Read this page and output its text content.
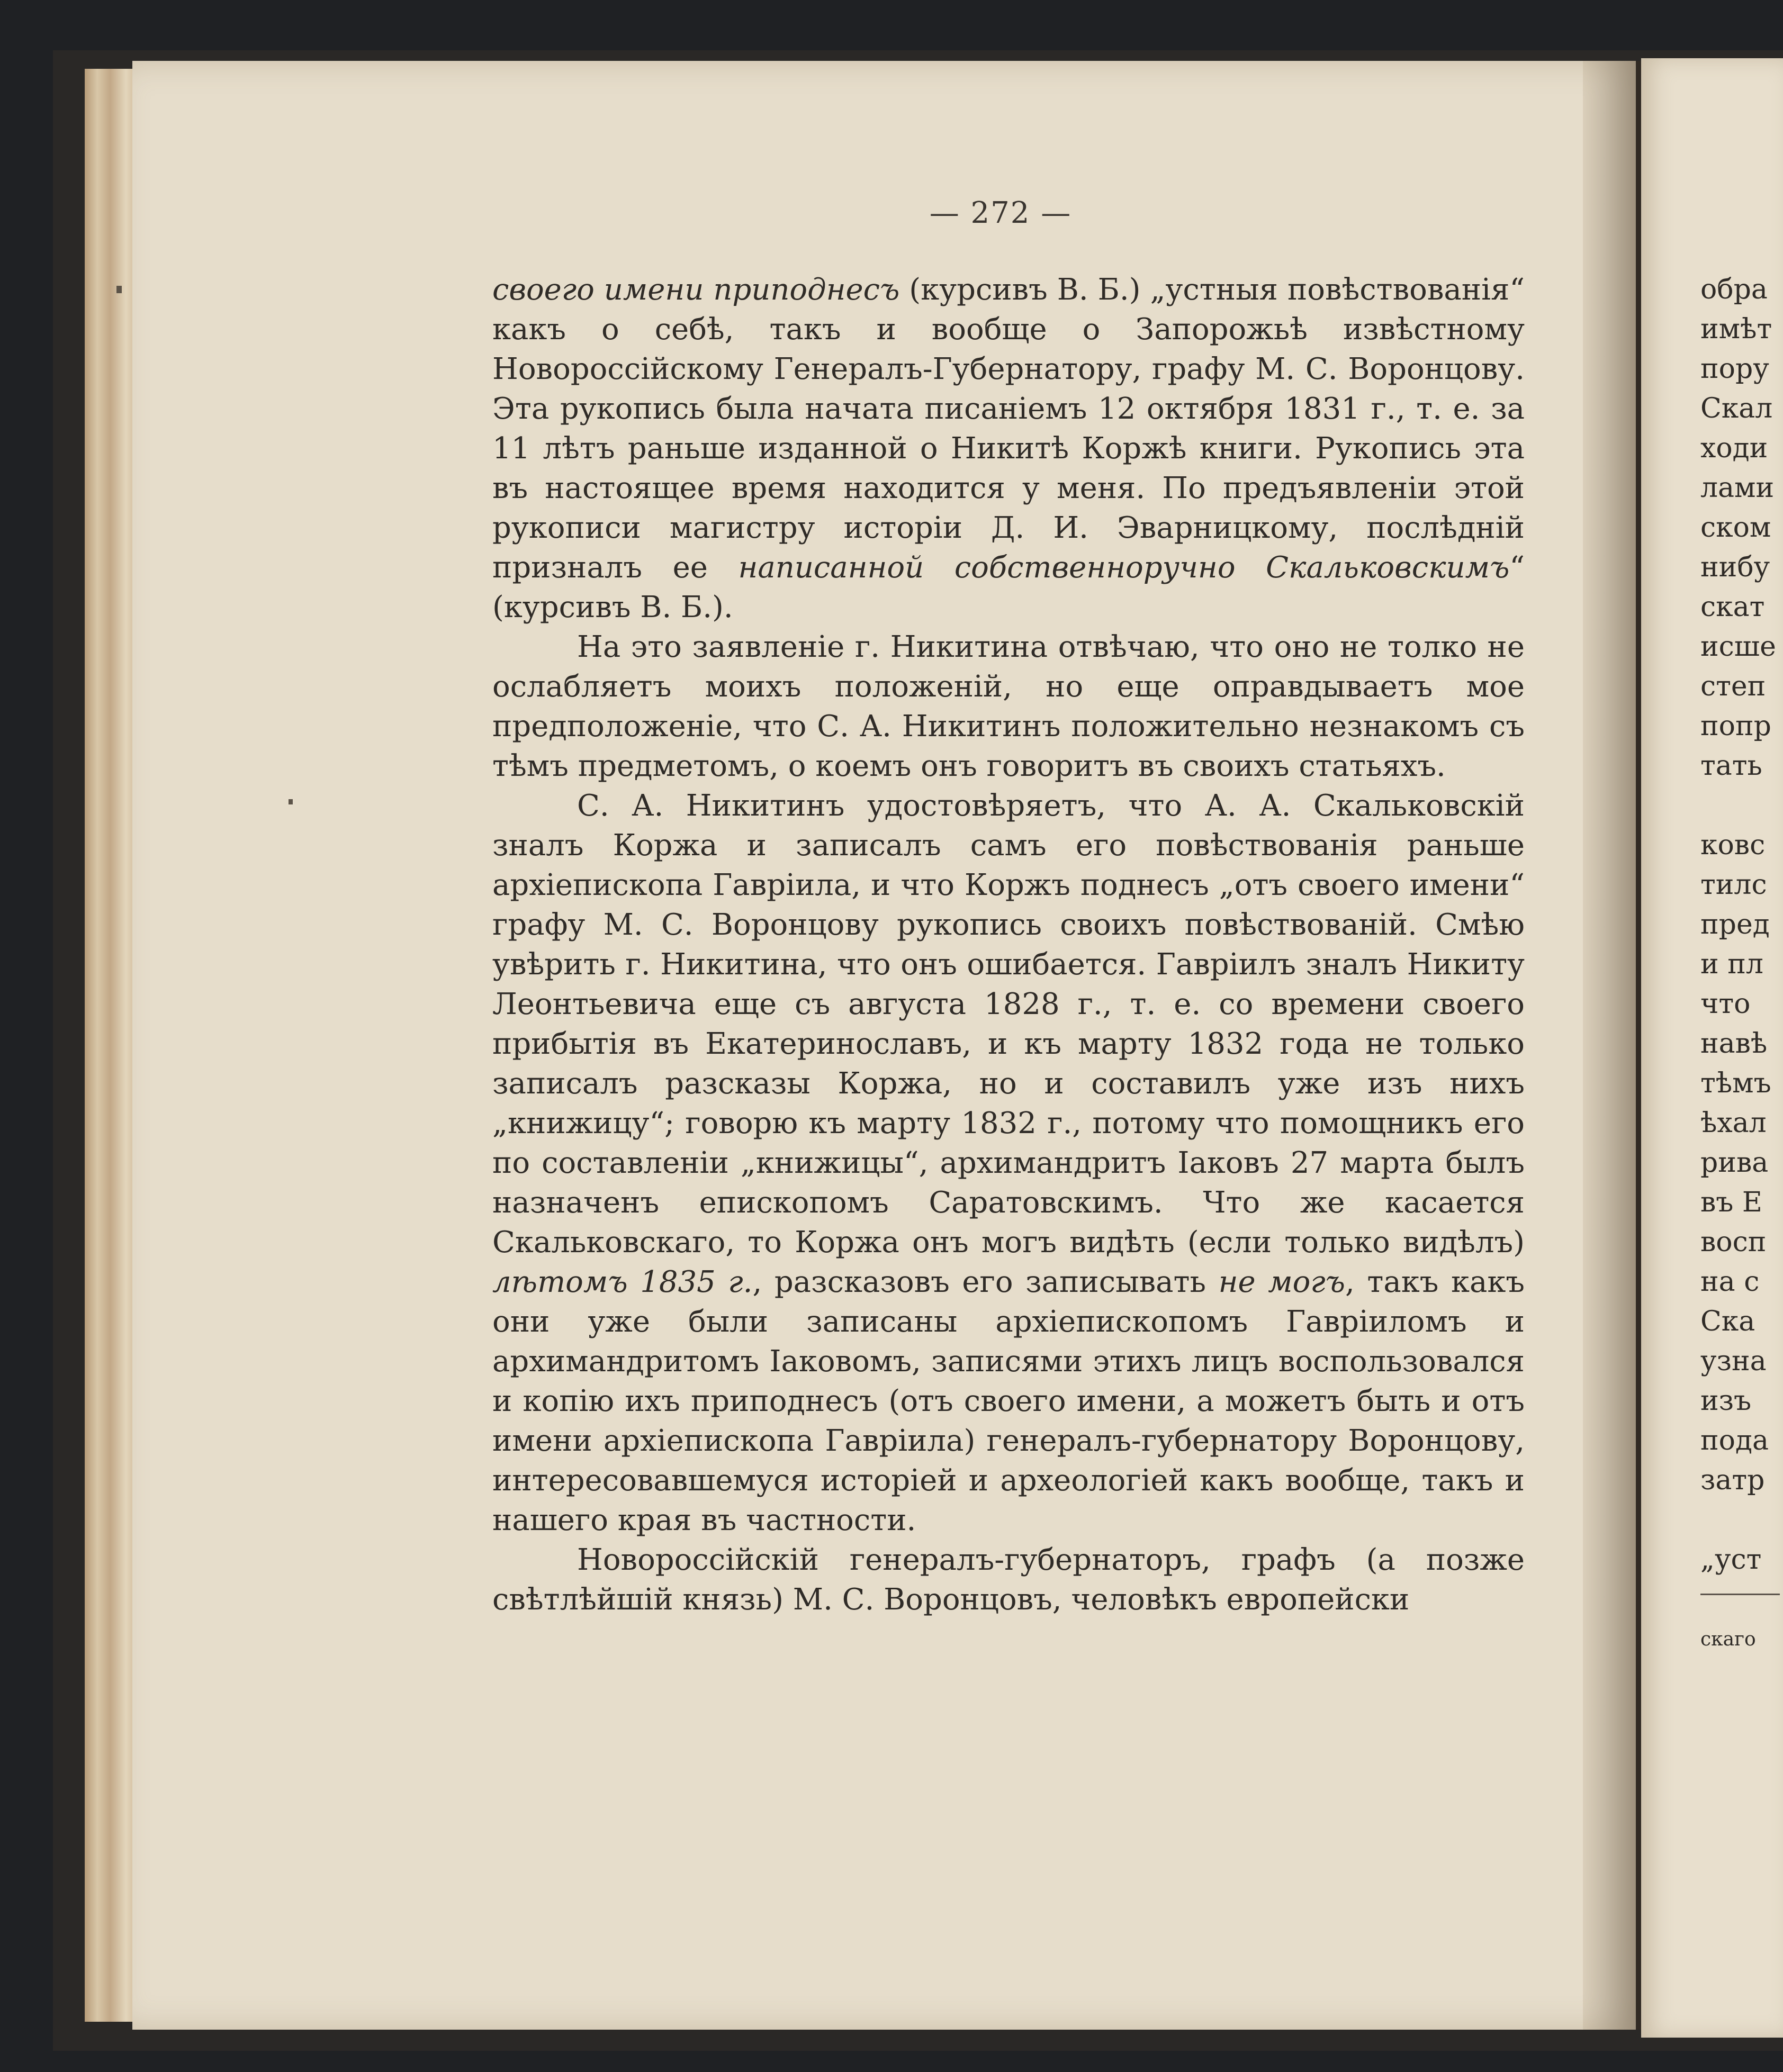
— 272 —

своего имени приподнесъ (курсивъ В. Б.) „устныя повѣствованія“ какъ о себѣ, такъ и вообще о Запорожьѣ извѣстному Новороссійскому Генералъ-Губернатору, графу М. С. Воронцову. Эта рукопись была начата писаніемъ 12 октября 1831 г., т. е. за 11 лѣтъ раньше изданной о Никитѣ Коржѣ книги. Рукопись эта въ настоящее время находится у меня. По предъявленіи этой рукописи магистру исторіи Д. И. Эварницкому, послѣдній призналъ ее написанной собственноручно Скальковскимъ“ (курсивъ В. Б.).

На это заявленіе г. Никитина отвѣчаю, что оно не толко не ослабляетъ моихъ положеній, но еще оправдываетъ мое предположеніе, что С. А. Никитинъ положительно незнакомъ съ тѣмъ предметомъ, о коемъ онъ говоритъ въ своихъ статьяхъ.

С. А. Никитинъ удостовѣряетъ, что А. А. Скальковскій зналъ Коржа и записалъ самъ его повѣствованія раньше архіепископа Гавріила, и что Коржъ поднесъ „отъ своего имени“ графу М. С. Воронцову рукопись своихъ повѣствованій. Смѣю увѣрить г. Никитина, что онъ ошибается. Гавріилъ зналъ Никиту Леонтьевича еще съ августа 1828 г., т. е. со времени своего прибытія въ Екатеринославъ, и къ марту 1832 года не только записалъ разсказы Коржа, но и составилъ уже изъ нихъ „книжицу“; говорю къ марту 1832 г., потому что помощникъ его по составленіи „книжицы“, архимандритъ Іаковъ 27 марта былъ назначенъ епископомъ Саратовскимъ. Что же касается Скальковскаго, то Коржа онъ могъ видѣть (если только видѣлъ) лѣтомъ 1835 г., разсказовъ его записывать не могъ, такъ какъ они уже были записаны архіепископомъ Гавріиломъ и архимандритомъ Іаковомъ, записями этихъ лицъ воспользовался и копію ихъ приподнесъ (отъ своего имени, а можетъ быть и отъ имени архіепископа Гавріила) генералъ-губернатору Воронцову, интересовавшемуся исторіей и археологіей какъ вообще, такъ и нашего края въ частности.

Новороссійскій генералъ-губернаторъ, графъ (а позже свѣтлѣйшій князь) М. С. Воронцовъ, человѣкъ европейски

обра
имѣт
пору
Скал
ходи
лами
ском
нибу
скат
исше
степ
попр
тать
ковс
тилс
пред
и пл
что
навѣ
тѣмъ
ѣхал
рива
въ Е
восп
на с
Ска
узна
изъ
пода
затр
„уст
скаго
